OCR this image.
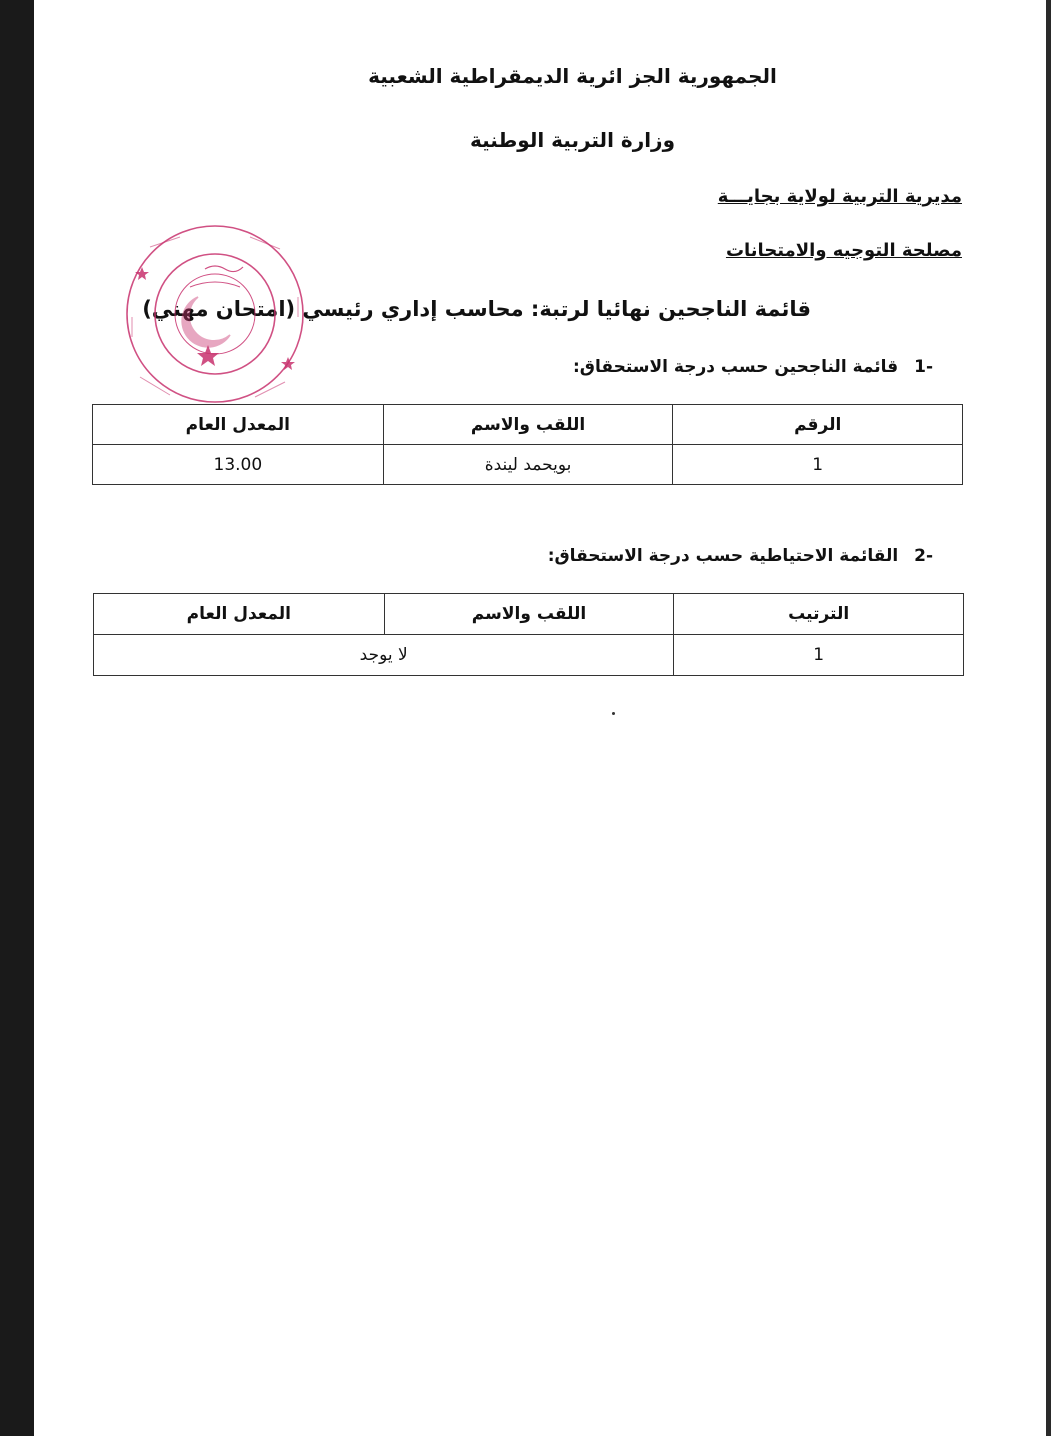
الجمهورية الجز ائرية الديمقراطية الشعبية
وزارة التربية الوطنية
مديرية التربية لولاية بجايـــة
مصلحة التوجيه والامتحانات
قائمة الناجحين نهائيا لرتبة: محاسب إداري رئيسي (امتحان مهني)
-1 قائمة الناجحين حسب درجة الاستحقاق:
الرقم	اللقب والاسم	المعدل العام
1	بويحمد ليندة	13.00
-2 القائمة الاحتياطية حسب درجة الاستحقاق:
الترتيب	اللقب والاسم	المعدل العام
1	لا يوجد	
